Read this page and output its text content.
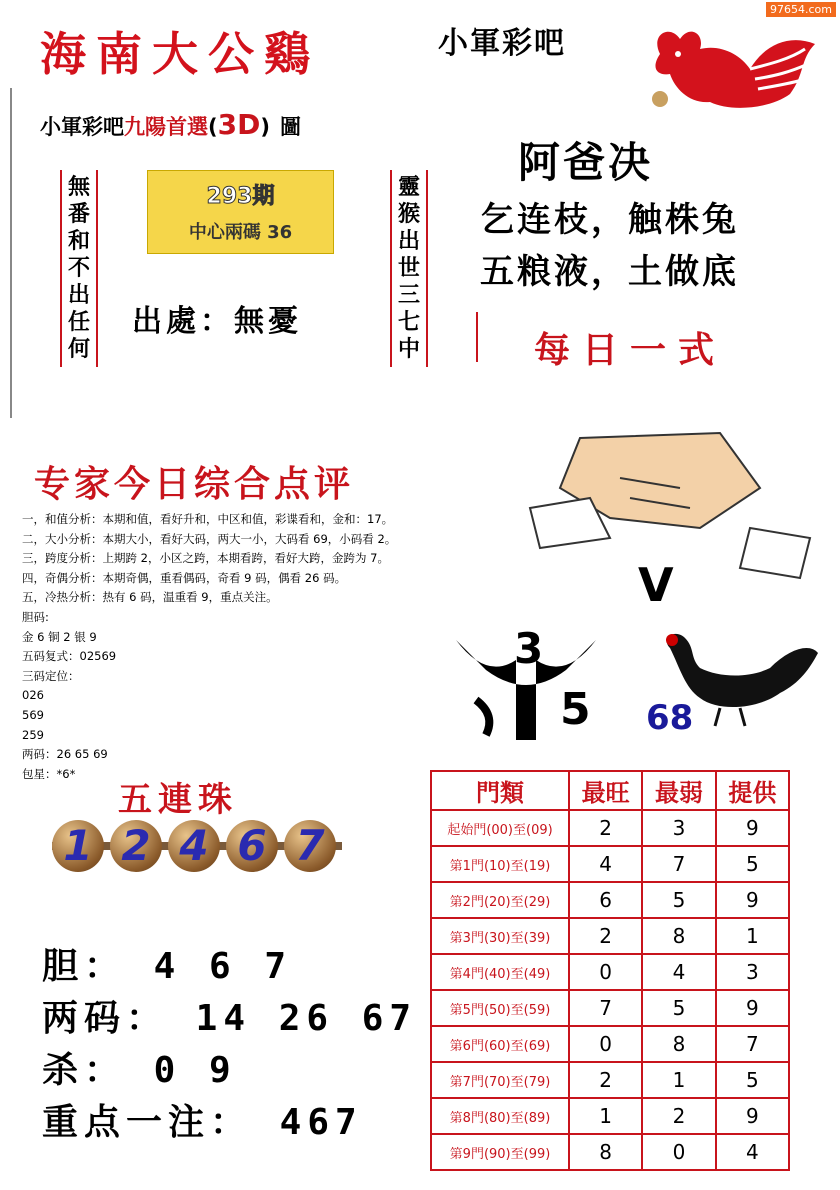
97654.com
海南大公鷄	小軍彩吧
小軍彩吧九陽首選(3D) 圖
無
番
和
不
出
任
何
靈
猴
出
世
三
七
中
293期
中心兩碼 36
出處：無憂
阿爸决
乞连枝，触株兔
五粮液，土做底
每日一式
专家今日综合点评
一，和值分析：本期和值，看好升和，中区和值，彩谍看和，金和：17。
二，大小分析：本期大小，看好大码，两大一小，大码看 69，小码看 2。
三，跨度分析：上期跨 2，小区之跨，本期看跨，看好大跨，金跨为 7。
四，奇偶分析：本期奇偶，重看偶码，奇看 9 码，偶看 26 码。
五，冷热分析：热有 6 码，温重看 9，重点关注。
胆码:
金 6 铜 2 银 9
五码复式：02569
三码定位：
026
569
259
两码：26 65 69
包星：*6*
V
3
5 68
五連珠
1 2 4 6 7
胆： 4 6 7
两码： 14 26 67
杀： 0 9
重点一注： 467
門類	最旺	最弱	提供
起始門(00)至(09)	2	3	9
第1門(10)至(19)	4	7	5
第2門(20)至(29)	6	5	9
第3門(30)至(39)	2	8	1
第4門(40)至(49)	0	4	3
第5門(50)至(59)	7	5	9
第6門(60)至(69)	0	8	7
第7門(70)至(79)	2	1	5
第8門(80)至(89)	1	2	9
第9門(90)至(99)	8	0	4
